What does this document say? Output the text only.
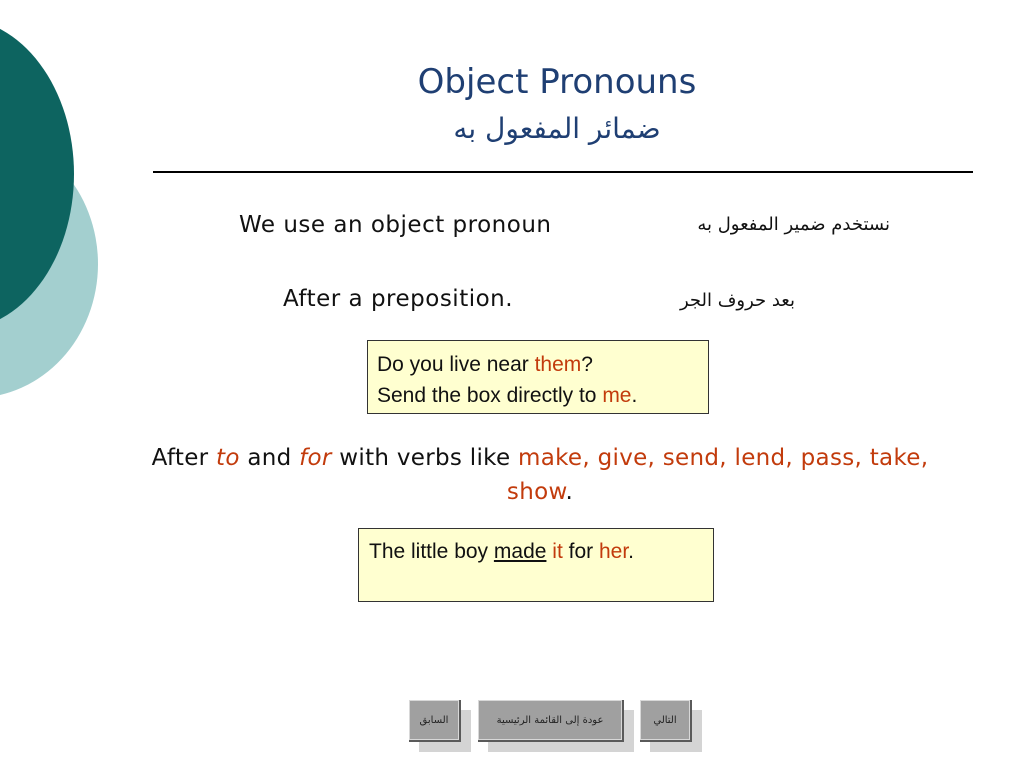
Object Pronouns
ضمائر المفعول به
We use an object pronoun	نستخدم ضمير المفعول به
After a preposition.	بعد حروف الجر
Do you live near them?
Send the box directly to me.
After to and for with verbs like make, give, send, lend, pass, take, show.
The little boy made it for her.
السابق	عودة إلى القائمة الرئيسية	التالي
